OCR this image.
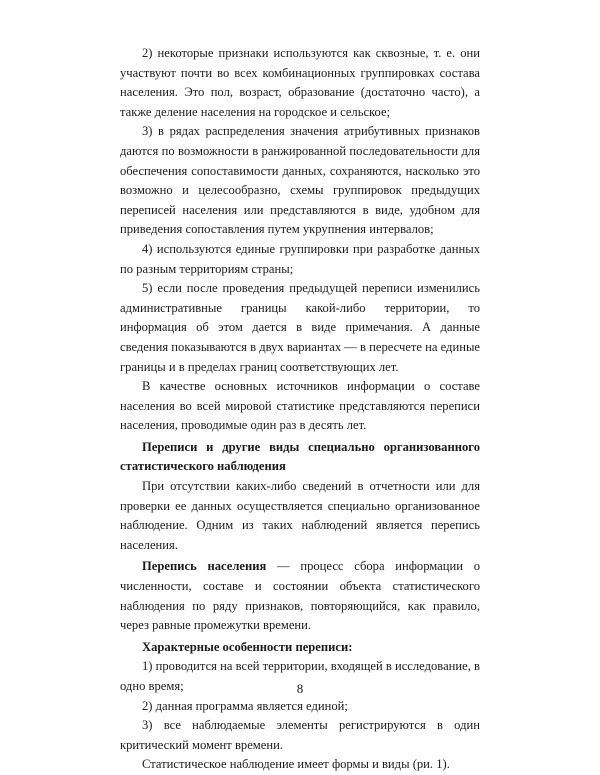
2) некоторые признаки используются как сквозные, т. е. они участвуют почти во всех комбинационных группировках состава населения. Это пол, возраст, образование (достаточно часто), а также деление населения на городское и сельское;

3) в рядах распределения значения атрибутивных признаков даются по возможности в ранжированной последовательности для обеспечения сопоставимости данных, сохраняются, насколько это возможно и целесообразно, схемы группировок предыдущих переписей населения или представляются в виде, удобном для приведения сопоставления путем укрупнения интервалов;

4) используются единые группировки при разработке данных по разным территориям страны;

5) если после проведения предыдущей переписи изменились административные границы какой-либо территории, то информация об этом дается в виде примечания. А данные сведения показываются в двух вариантах — в пересчете на единые границы и в пределах границ соответствующих лет.

В качестве основных источников информации о составе населения во всей мировой статистике представляются переписи населения, проводимые один раз в десять лет.

Переписи и другие виды специально организованного статистического наблюдения

При отсутствии каких-либо сведений в отчетности или для проверки ее данных осуществляется специально организованное наблюдение. Одним из таких наблюдений является перепись населения.

Перепись населения — процесс сбора информации о численности, составе и состоянии объекта статистического наблюдения по ряду признаков, повторяющийся, как правило, через равные промежутки времени.

Характерные особенности переписи:

1) проводится на всей территории, входящей в исследование, в одно время;

2) данная программа является единой;

3) все наблюдаемые элементы регистрируются в один критический момент времени.

Статистическое наблюдение имеет формы и виды (ри. 1).

8
